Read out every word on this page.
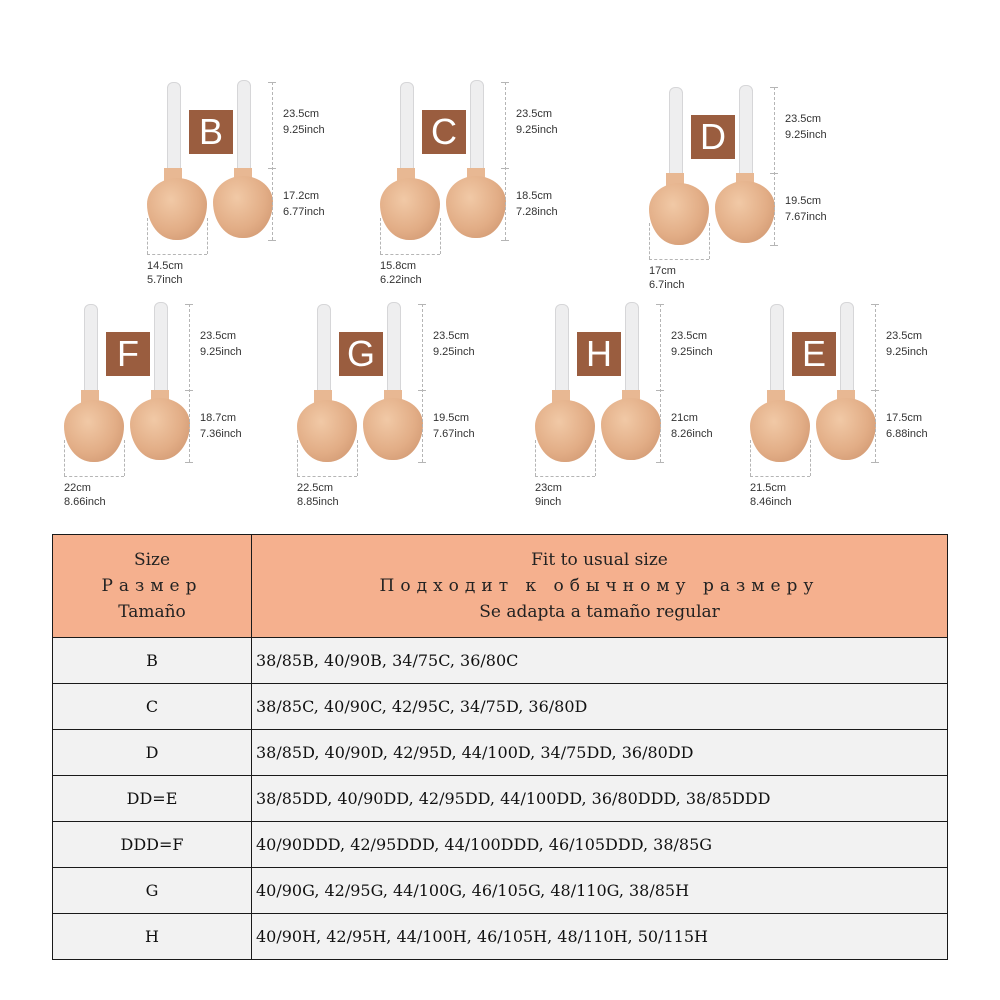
B	23.5cm
9.25inch
17.2cm
6.77inch
14.5cm
5.7inch
C	23.5cm
9.25inch
18.5cm
7.28inch
15.8cm
6.22inch
D	23.5cm
9.25inch
19.5cm
7.67inch
17cm
6.7inch
F	23.5cm
9.25inch
18.7cm
7.36inch
22cm
8.66inch
G	23.5cm
9.25inch
19.5cm
7.67inch
22.5cm
8.85inch
H	23.5cm
9.25inch
21cm
8.26inch
23cm
9inch
E	23.5cm
9.25inch
17.5cm
6.88inch
21.5cm
8.46inch
Size
Размер
Tamaño	Fit to usual size
Подходит к обычному размеру
Se adapta a tamaño regular

B	38/85B, 40/90B, 34/75C, 36/80C
C	38/85C, 40/90C, 42/95C, 34/75D, 36/80D
D	38/85D, 40/90D, 42/95D, 44/100D, 34/75DD, 36/80DD
DD=E	38/85DD, 40/90DD, 42/95DD, 44/100DD, 36/80DDD, 38/85DDD
DDD=F	40/90DDD, 42/95DDD, 44/100DDD, 46/105DDD, 38/85G
G	40/90G, 42/95G, 44/100G, 46/105G, 48/110G, 38/85H
H	40/90H, 42/95H, 44/100H, 46/105H, 48/110H, 50/115H
